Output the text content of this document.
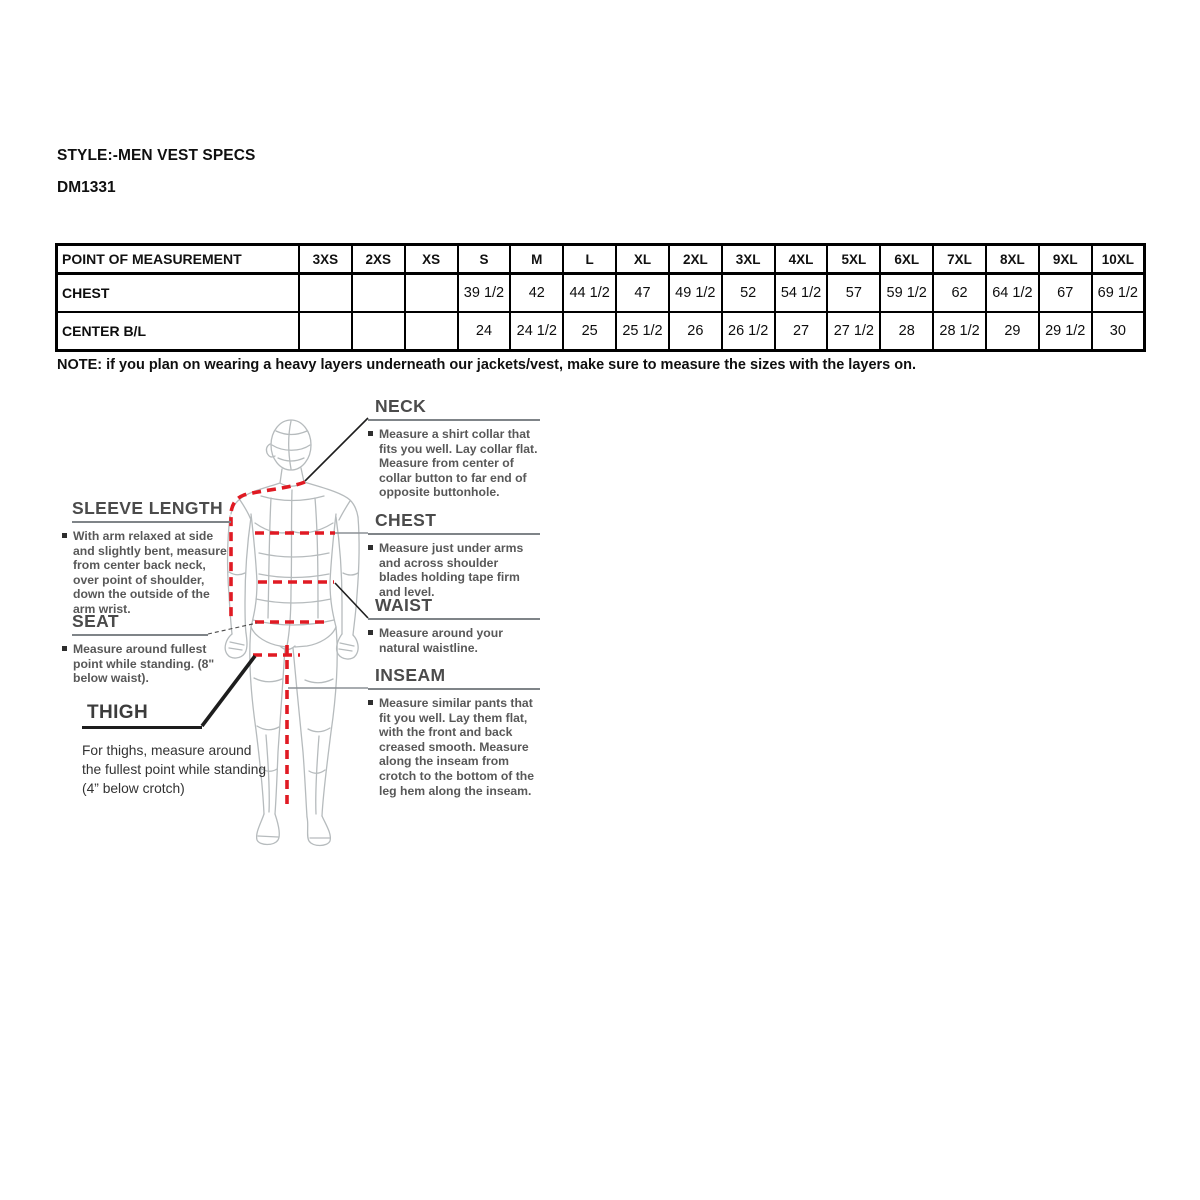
STYLE:-MEN VEST SPECS
DM1331
POINT OF MEASUREMENT	3XS	2XS	XS	S	M	L	XL	2XL	3XL	4XL	5XL	6XL	7XL	8XL	9XL	10XL
CHEST				39 1/2	42	44 1/2	47	49 1/2	52	54 1/2	57	59 1/2	62	64 1/2	67	69 1/2
CENTER B/L				24	24 1/2	25	25 1/2	26	26 1/2	27	27 1/2	28	28 1/2	29	29 1/2	30
NOTE: if you plan on wearing a heavy layers underneath our jackets/vest, make sure to measure the sizes with the layers on.
NECK

Measure a shirt collar that fits you well. Lay collar flat. Measure from center of collar button to far end of opposite buttonhole.

CHEST

Measure just under arms and across shoulder blades holding tape firm and level.

WAIST

Measure around your natural waistline.

INSEAM

Measure similar pants that fit you well. Lay them flat, with the front and back creased smooth. Measure along the inseam from crotch to the bottom of the leg hem along the inseam.

SLEEVE LENGTH

With arm relaxed at side and slightly bent, measure from center back neck, over point of shoulder, down the outside of the arm wrist.

SEAT

Measure around fullest point while standing. (8" below waist).

THIGH

For thighs, measure around the fullest point while standing (4” below crotch)
